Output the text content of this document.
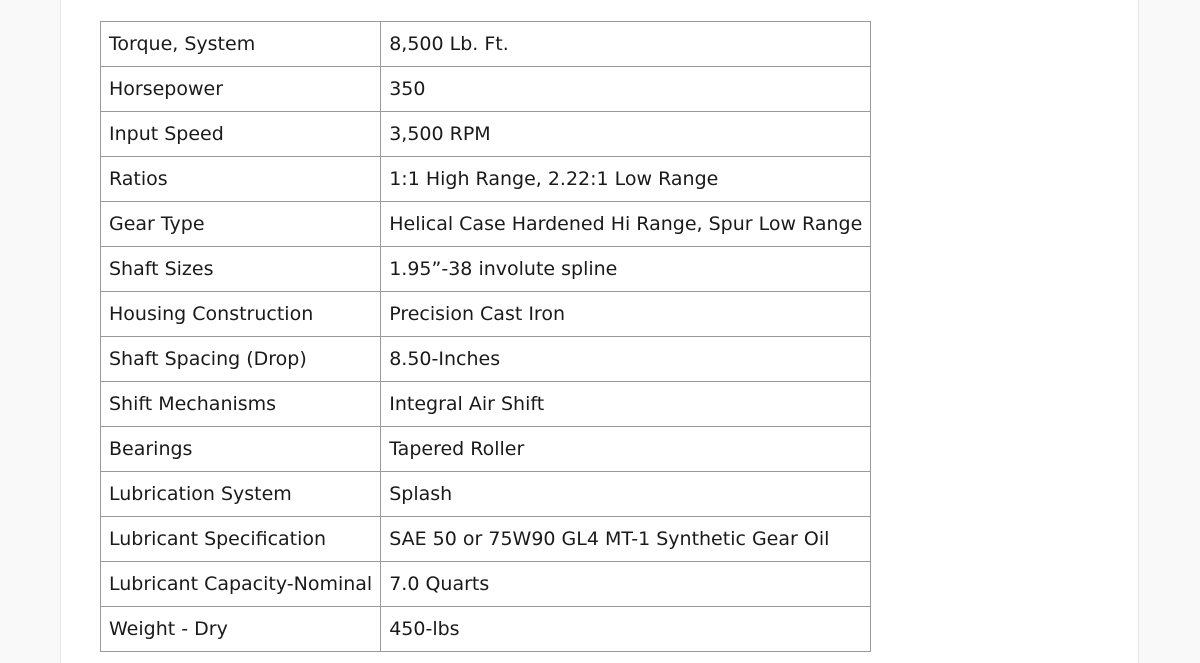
Torque, System	8,500 Lb. Ft.
Horsepower	350
Input Speed	3,500 RPM
Ratios	1:1 High Range, 2.22:1 Low Range
Gear Type	Helical Case Hardened Hi Range, Spur Low Range
Shaft Sizes	1.95”-38 involute spline
Housing Construction	Precision Cast Iron
Shaft Spacing (Drop)	8.50-Inches
Shift Mechanisms	Integral Air Shift
Bearings	Tapered Roller
Lubrication System	Splash
Lubricant Specification	SAE 50 or 75W90 GL4 MT-1 Synthetic Gear Oil
Lubricant Capacity-Nominal	7.0 Quarts
Weight - Dry	450-lbs
